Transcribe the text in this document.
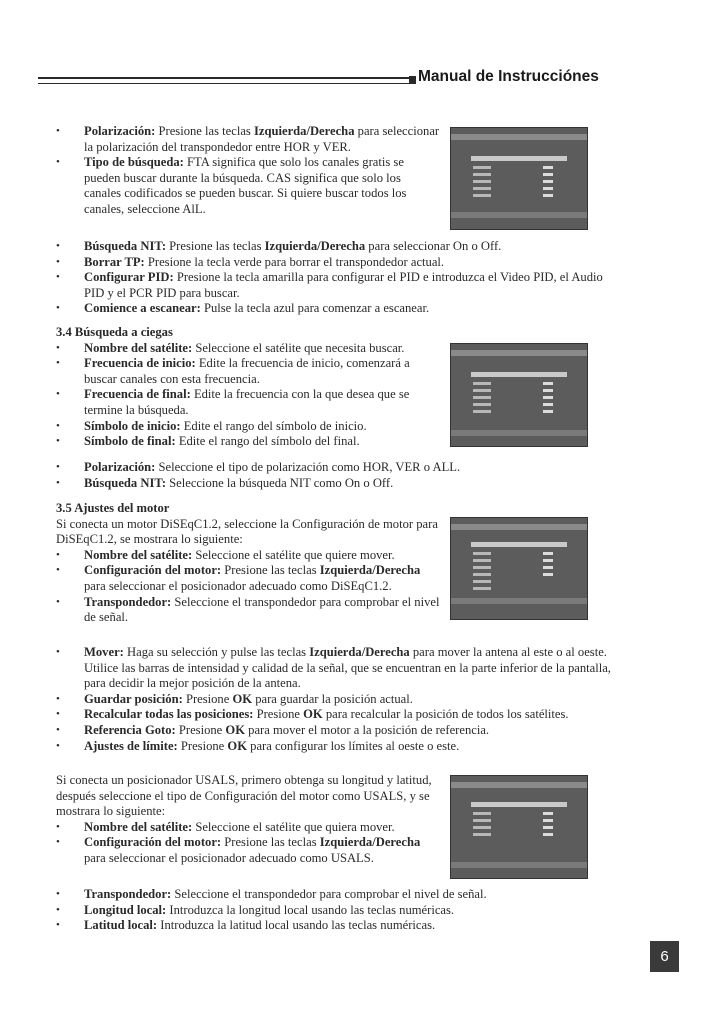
Manual de Instrucciónes
• Polarización: Presione las teclas Izquierda/Derecha para seleccionar la polarización del transpondedor entre HOR y VER.
• Tipo de búsqueda: FTA significa que solo los canales gratis se pueden buscar durante la búsqueda. CAS significa que solo los canales codificados se pueden buscar. Si quiere buscar todos los canales, seleccione AlL.
• Búsqueda NIT: Presione las teclas Izquierda/Derecha para seleccionar On o Off.
• Borrar TP: Presione la tecla verde para borrar el transpondedor actual.
• Configurar PID: Presione la tecla amarilla para configurar el PID e introduzca el Video PID, el Audio PID y el PCR PID para buscar.
• Comience a escanear: Pulse la tecla azul para comenzar a escanear.
3.4 Búsqueda a ciegas
• Nombre del satélite: Seleccione el satélite que necesita buscar.
• Frecuencia de inicio: Edite la frecuencia de inicio, comenzará a buscar canales con esta frecuencia.
• Frecuencia de final: Edite la frecuencia con la que desea que se termine la búsqueda.
• Símbolo de inicio: Edite el rango del símbolo de inicio.
• Símbolo de final: Edite el rango del símbolo del final.
• Polarización: Seleccione el tipo de polarización como HOR, VER o ALL.
• Búsqueda NIT: Seleccione la búsqueda NIT como On o Off.
3.5 Ajustes del motor
Si conecta un motor DiSEqC1.2, seleccione la Configuración de motor para DiSEqC1.2, se mostrara lo siguiente:
• Nombre del satélite: Seleccione el satélite que quiere mover.
• Configuración del motor: Presione las teclas Izquierda/Derecha para seleccionar el posicionador adecuado como DiSEqC1.2.
• Transpondedor: Seleccione el transpondedor para comprobar el nivel de señal.
• Mover: Haga su selección y pulse las teclas Izquierda/Derecha para mover la antena al este o al oeste. Utilice las barras de intensidad y calidad de la señal, que se encuentran en la parte inferior de la pantalla, para decidir la mejor posición de la antena.
• Guardar posición: Presione OK para guardar la posición actual.
• Recalcular todas las posiciones: Presione OK para recalcular la posición de todos los satélites.
• Referencia Goto: Presione OK para mover el motor a la posición de referencia.
• Ajustes de límite: Presione OK para configurar los límites al oeste o este.
Si conecta un posicionador USALS, primero obtenga su longitud y latitud, después seleccione el tipo de Configuración del motor como USALS, y se mostrara lo siguiente:
• Nombre del satélite: Seleccione el satélite que quiera mover.
• Configuración del motor: Presione las teclas Izquierda/Derecha para seleccionar el posicionador adecuado como USALS.
• Transpondedor: Seleccione el transpondedor para comprobar el nivel de señal.
• Longitud local: Introduzca la longitud local usando las teclas numéricas.
• Latitud local: Introduzca la latitud local usando las teclas numéricas.
6
